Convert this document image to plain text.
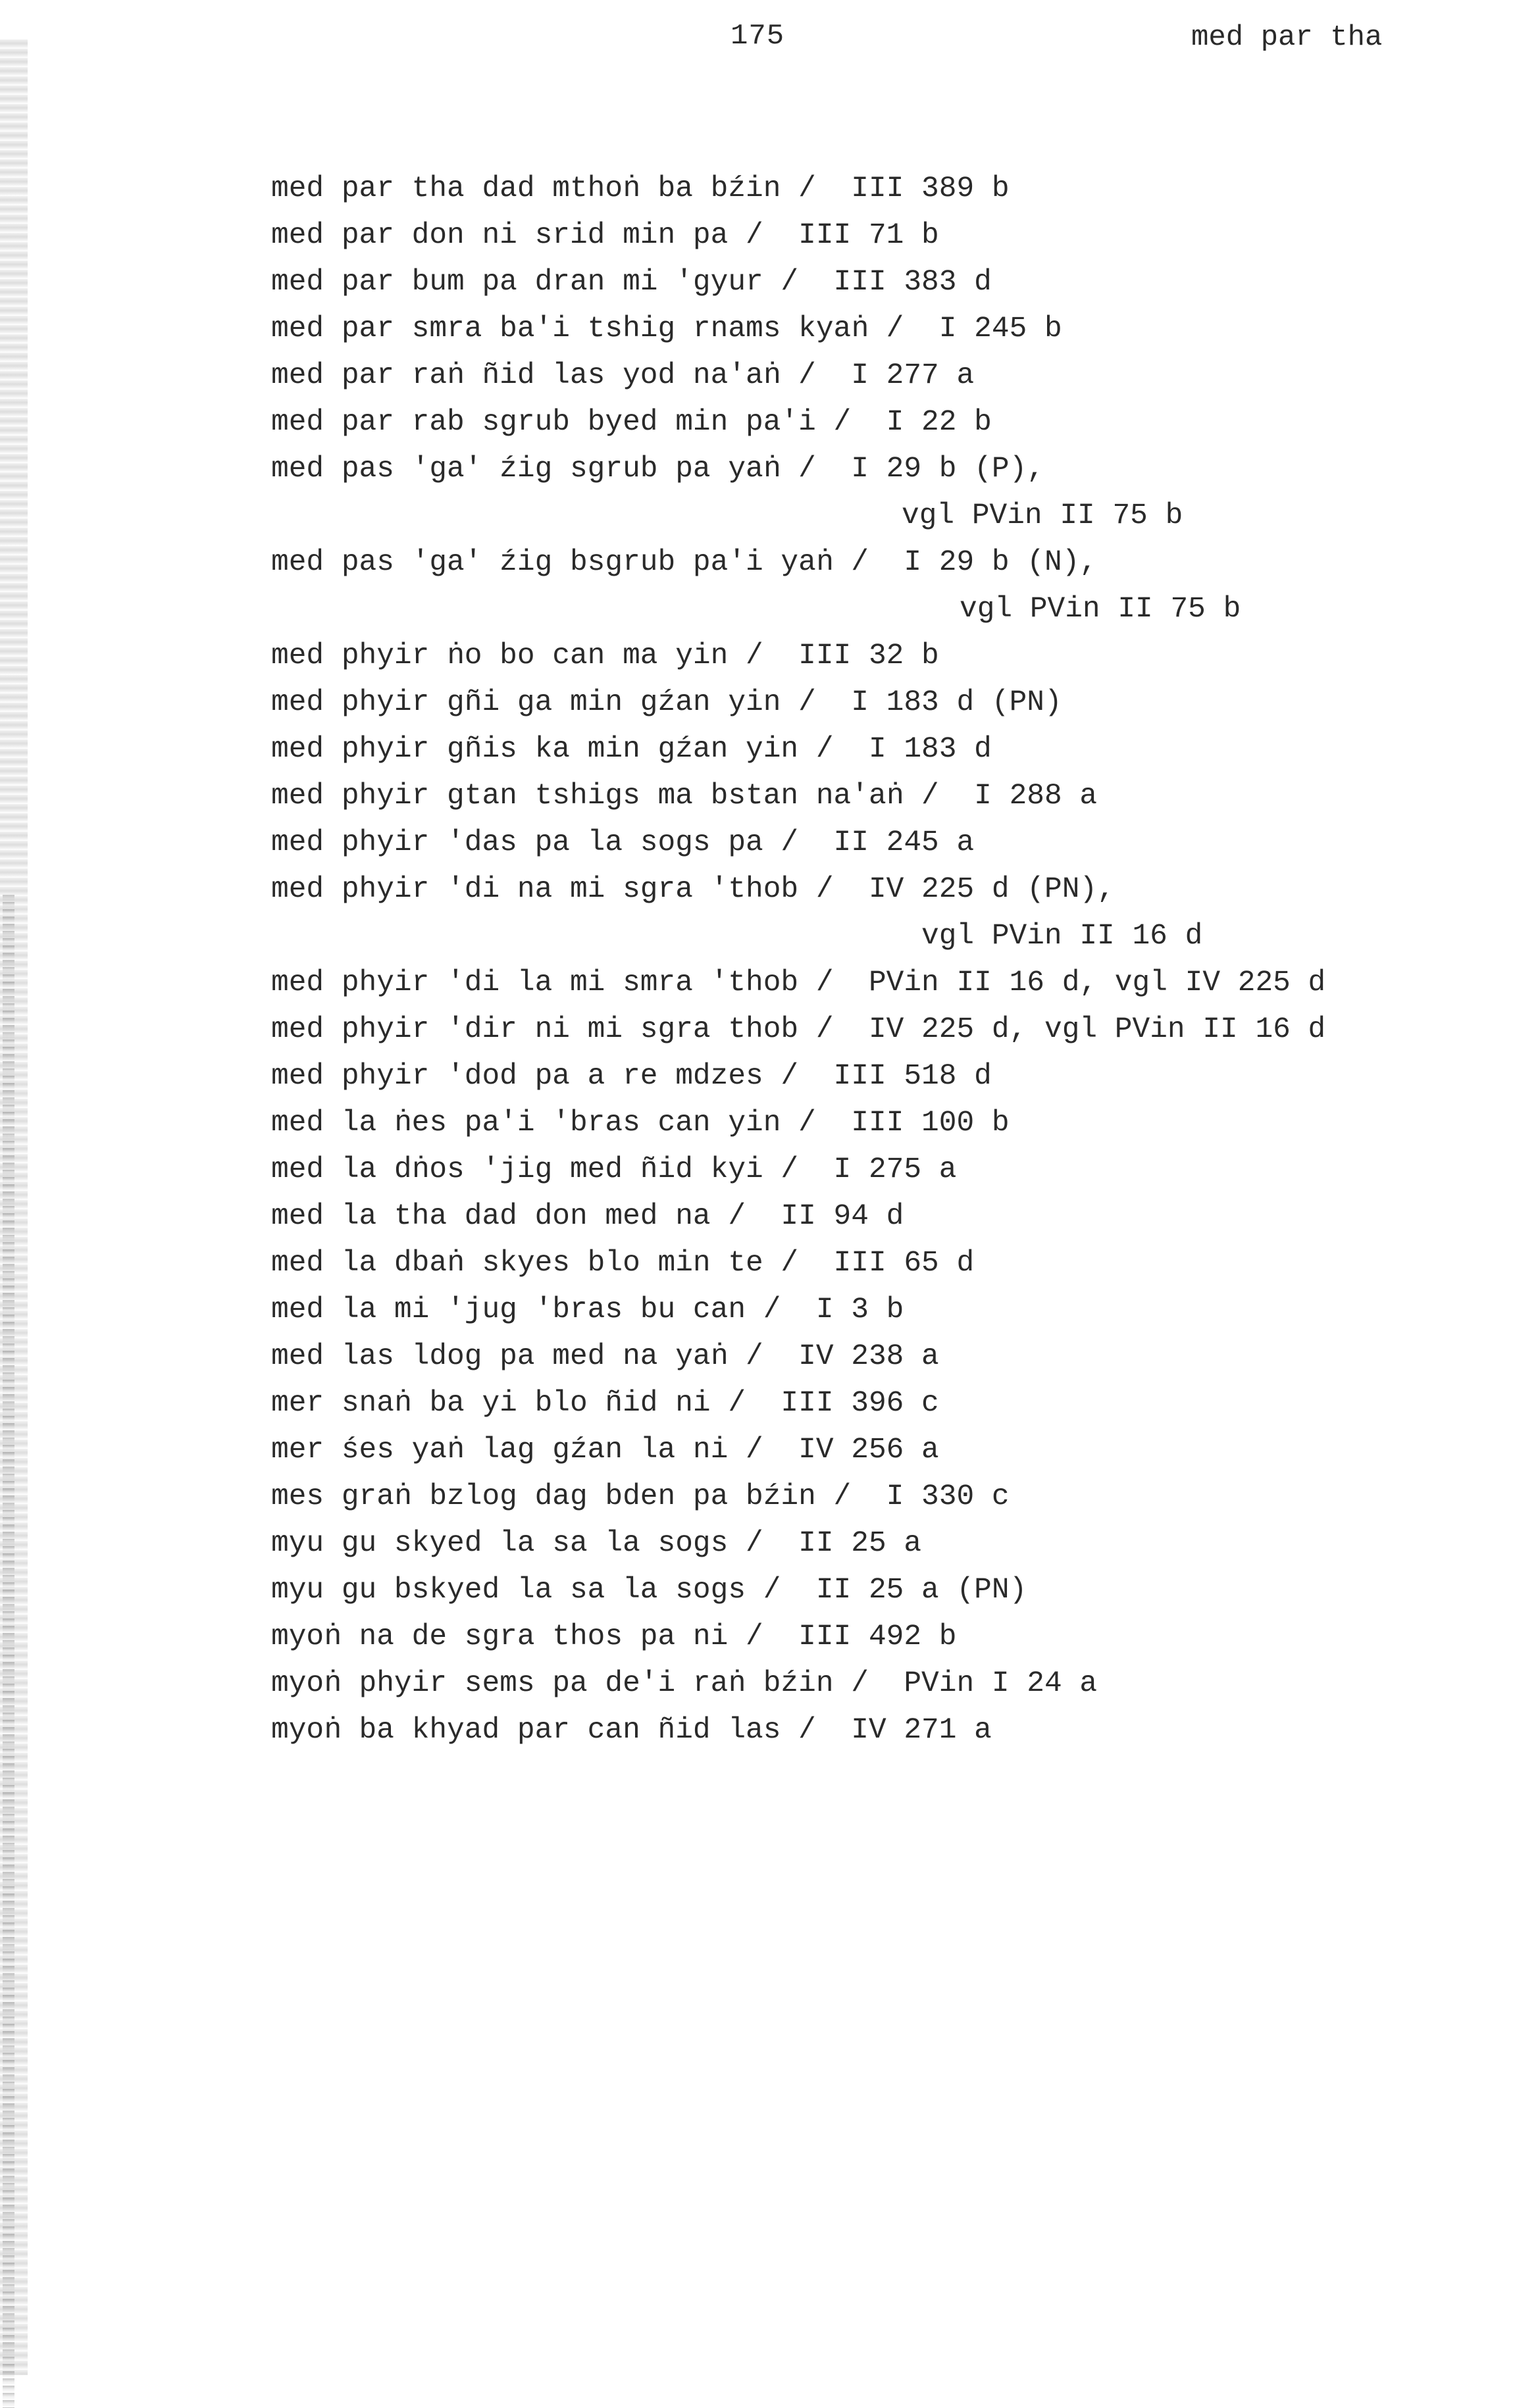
175	med par tha
med par tha dad mthoṅ ba bźin /  III 389 b
med par don ni srid min pa /  III 71 b
med par bum pa dran mi 'gyur /  III 383 d
med par smra ba'i tshig rnams kyaṅ /  I 245 b
med par raṅ ñid las yod na'aṅ /  I 277 a
med par rab sgrub byed min pa'i /  I 22 b
med pas 'ga' źig sgrub pa yaṅ /  I 29 b (P),
vgl PVin II 75 b
med pas 'ga' źig bsgrub pa'i yaṅ /  I 29 b (N),
vgl PVin II 75 b
med phyir ṅo bo can ma yin /  III 32 b
med phyir gñi ga min gźan yin /  I 183 d (PN)
med phyir gñis ka min gźan yin /  I 183 d
med phyir gtan tshigs ma bstan na'aṅ /  I 288 a
med phyir 'das pa la sogs pa /  II 245 a
med phyir 'di na mi sgra 'thob /  IV 225 d (PN),
vgl PVin II 16 d
med phyir 'di la mi smra 'thob /  PVin II 16 d, vgl IV 225 d
med phyir 'dir ni mi sgra thob /  IV 225 d, vgl PVin II 16 d
med phyir 'dod pa a re mdzes /  III 518 d
med la ṅes pa'i 'bras can yin /  III 100 b
med la dṅos 'jig med ñid kyi /  I 275 a
med la tha dad don med na /  II 94 d
med la dbaṅ skyes blo min te /  III 65 d
med la mi 'jug 'bras bu can /  I 3 b
med las ldog pa med na yaṅ /  IV 238 a
mer snaṅ ba yi blo ñid ni /  III 396 c
mer śes yaṅ lag gźan la ni /  IV 256 a
mes graṅ bzlog dag bden pa bźin /  I 330 c
myu gu skyed la sa la sogs /  II 25 a
myu gu bskyed la sa la sogs /  II 25 a (PN)
myoṅ na de sgra thos pa ni /  III 492 b
myoṅ phyir sems pa de'i raṅ bźin /  PVin I 24 a
myoṅ ba khyad par can ñid las /  IV 271 a
